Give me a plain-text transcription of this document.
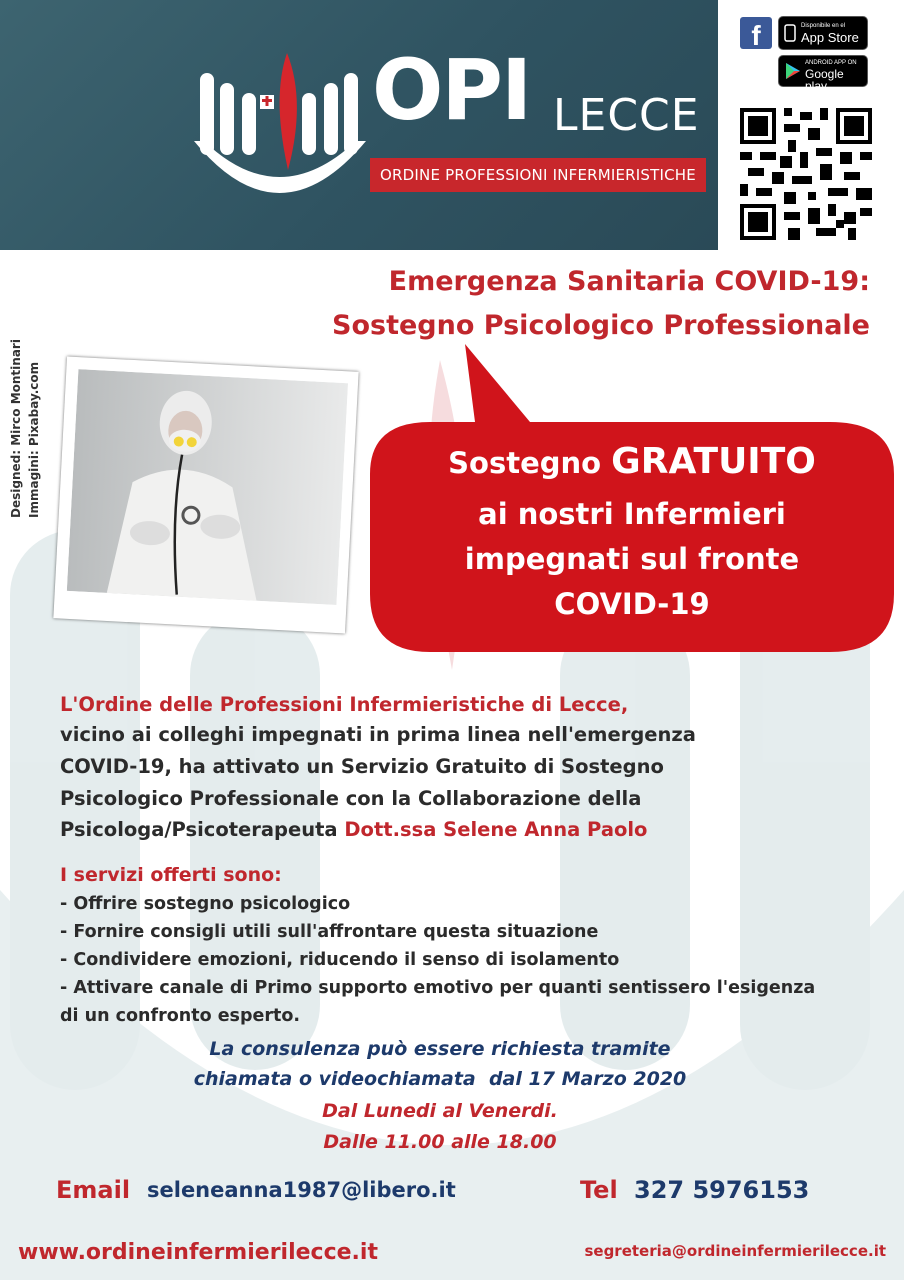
OPI LECCE
ORDINE PROFESSIONI INFERMIERISTICHE
f	Disponibile en el
App Store
ANDROID APP ON
Google play
Emergenza Sanitaria COVID-19:
Sostegno Psicologico Professionale
Designed: Mirco Montinari Immagini: Pixabay.com	Sostegno GRATUITO
ai nostri Infermieri
impegnati sul fronte
COVID-19
L'Ordine delle Professioni Infermieristiche di Lecce,
vicino ai colleghi impegnati in prima linea nell'emergenza
COVID-19, ha attivato un Servizio Gratuito di Sostegno
Psicologico Professionale con la Collaborazione della
Psicologa/Psicoterapeuta Dott.ssa Selene Anna Paolo
I servizi offerti sono:
- Offrire sostegno psicologico
- Fornire consigli utili sull'affrontare questa situazione
- Condividere emozioni, riducendo il senso di isolamento
- Attivare canale di Primo supporto emotivo per quanti sentissero l'esigenza
di un confronto esperto.
La consulenza può essere richiesta tramite
chiamata o videochiamata  dal 17 Marzo 2020
Dal Lunedi al Venerdi.
Dalle 11.00 alle 18.00
Email seleneanna1987@libero.it	Tel 327 5976153
www.ordineinfermierilecce.it	segreteria@ordineinfermierilecce.it
